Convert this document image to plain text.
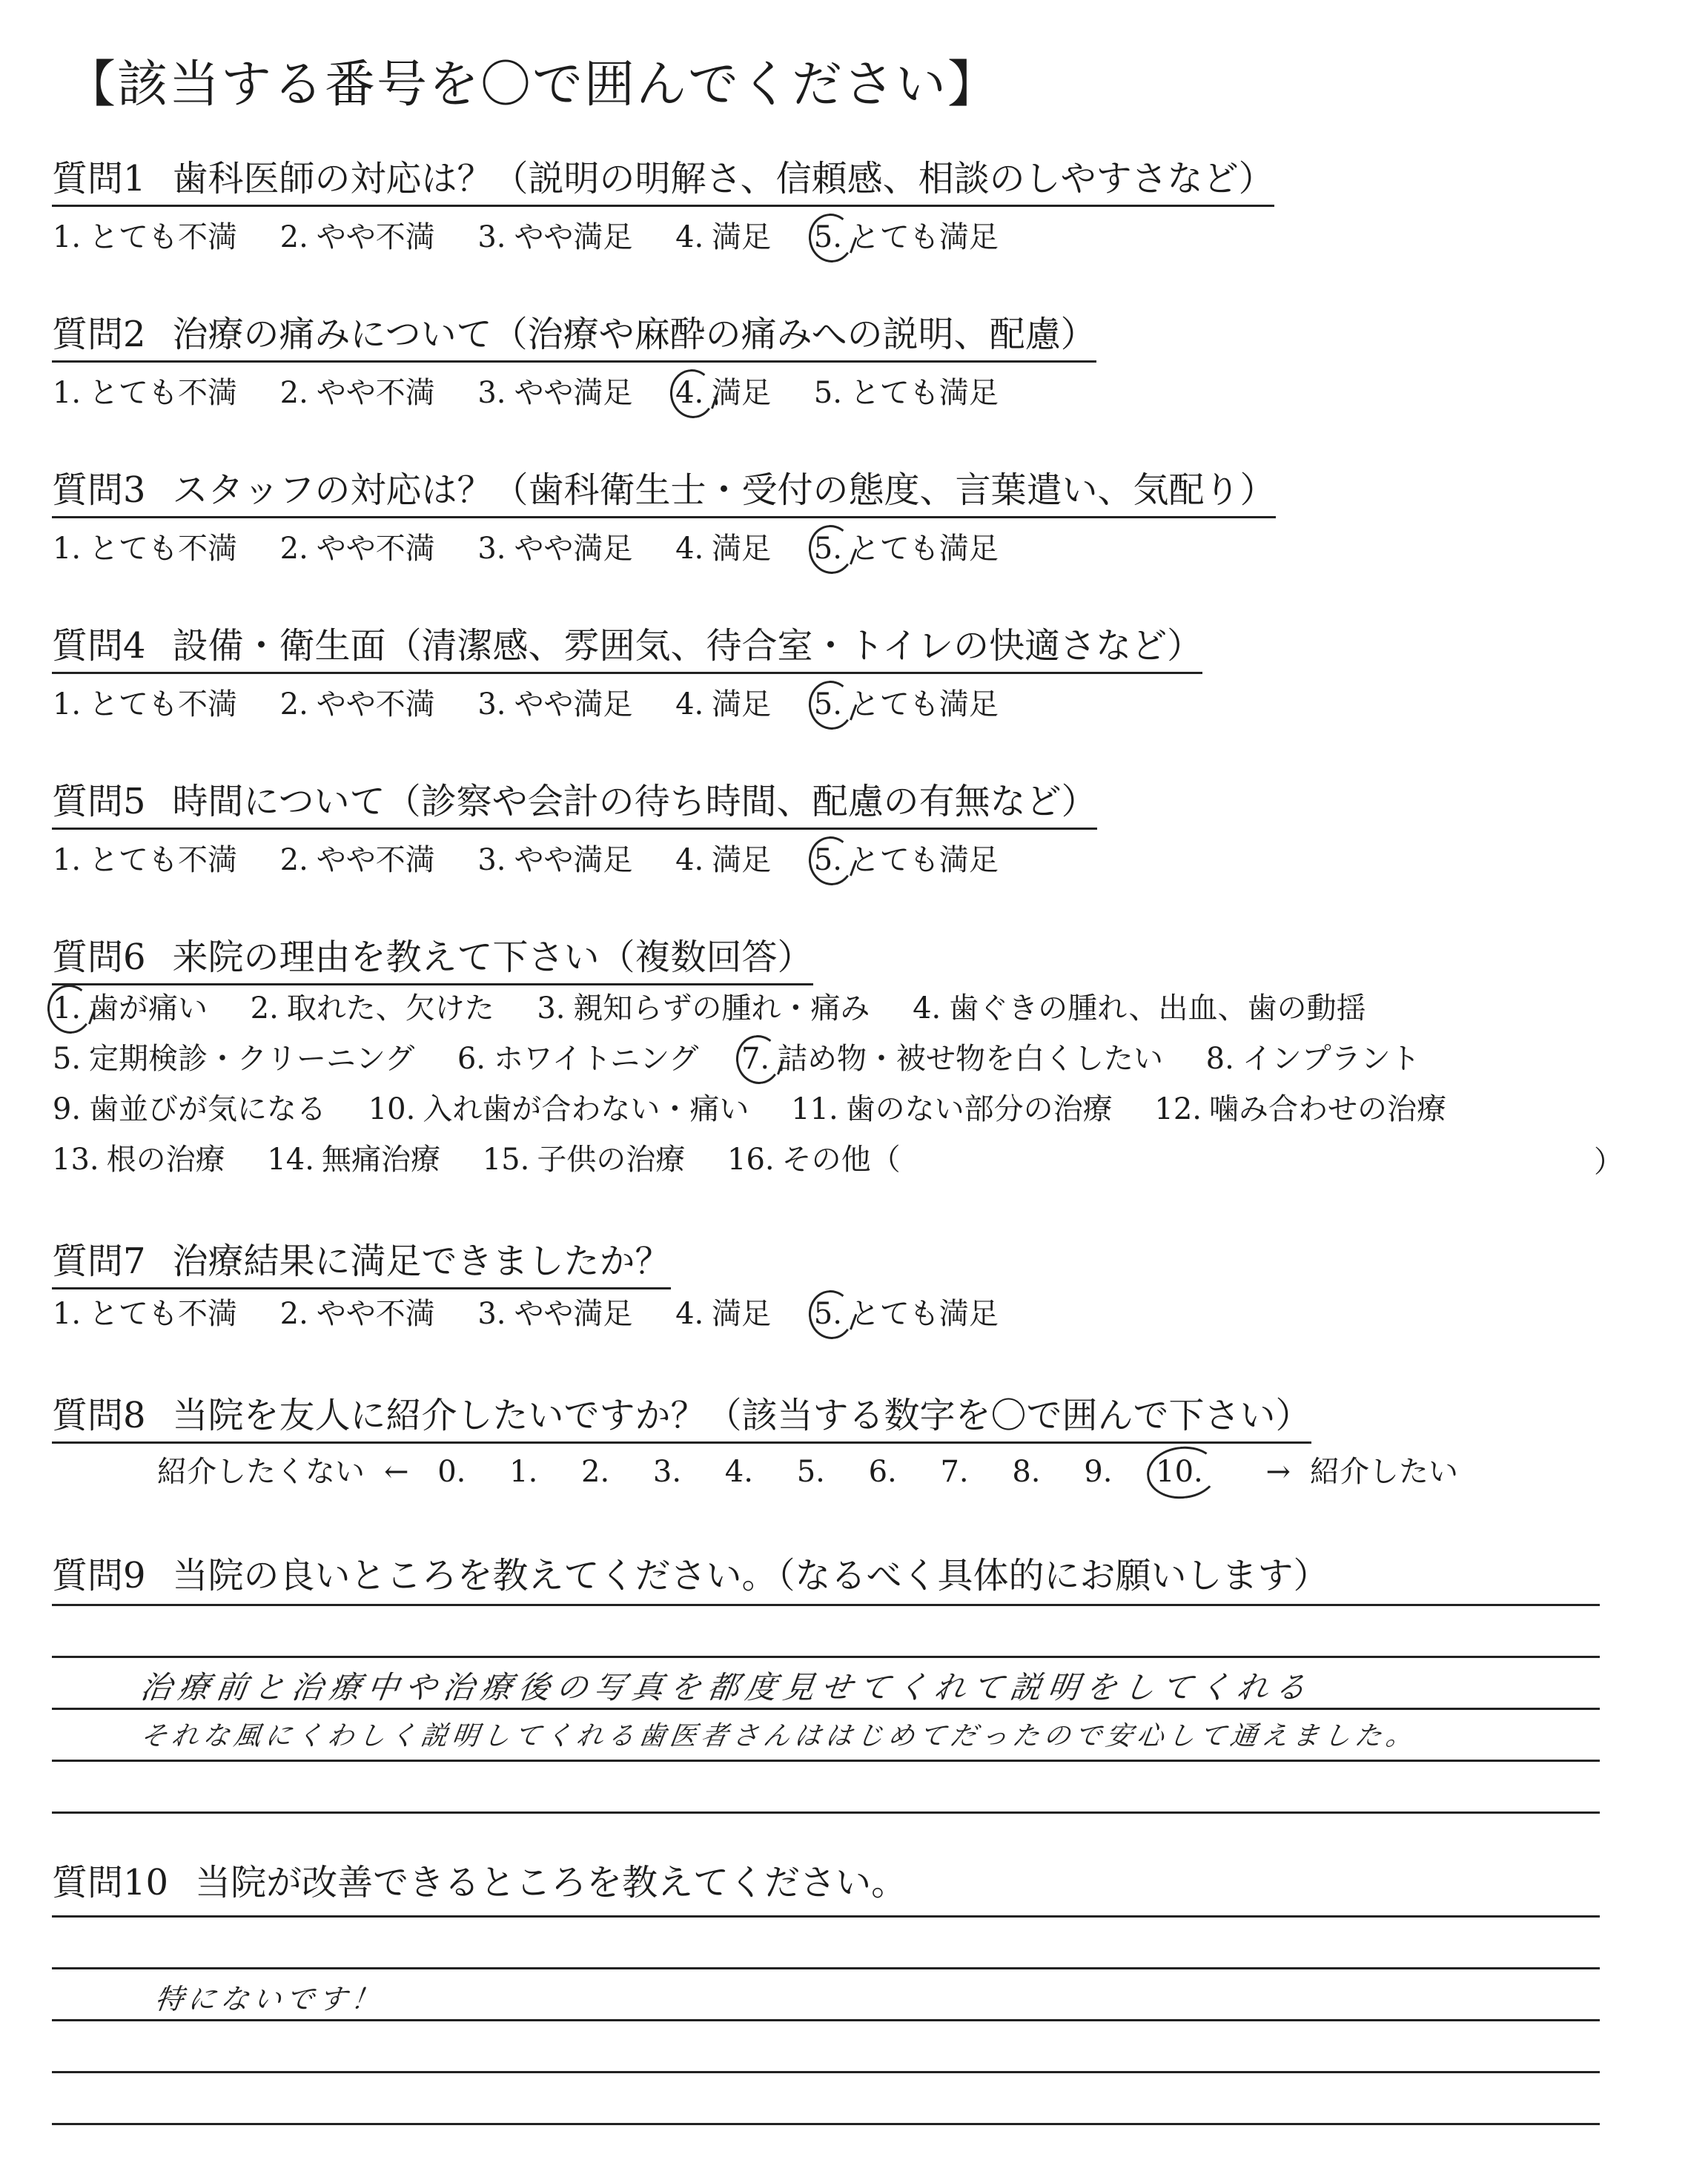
【該当する番号を〇で囲んでください】
質問1 歯科医師の対応は？（説明の明解さ、信頼感、相談のしやすさなど）
1. とても不満 2. やや不満 3. やや満足 4. 満足 5. とても満足
質問2 治療の痛みについて（治療や麻酔の痛みへの説明、配慮）
1. とても不満 2. やや不満 3. やや満足 4. 満足 5. とても満足
質問3 スタッフの対応は？（歯科衛生士・受付の態度、言葉遣い、気配り）
1. とても不満 2. やや不満 3. やや満足 4. 満足 5. とても満足
質問4 設備・衛生面（清潔感、雰囲気、待合室・トイレの快適さなど）
1. とても不満 2. やや不満 3. やや満足 4. 満足 5. とても満足
質問5 時間について（診察や会計の待ち時間、配慮の有無など）
1. とても不満 2. やや不満 3. やや満足 4. 満足 5. とても満足
質問6 来院の理由を教えて下さい（複数回答）
1. 歯が痛い 2. 取れた、欠けた 3. 親知らずの腫れ・痛み 4. 歯ぐきの腫れ、出血、歯の動揺
5. 定期検診・クリーニング 6. ホワイトニング 7. 詰め物・被せ物を白くしたい 8. インプラント
9. 歯並びが気になる 10. 入れ歯が合わない・痛い 11. 歯のない部分の治療 12. 噛み合わせの治療
13. 根の治療 14. 無痛治療 15. 子供の治療 16. その他（	）
質問7 治療結果に満足できましたか？
1. とても不満 2. やや不満 3. やや満足 4. 満足 5. とても満足
質問8 当院を友人に紹介したいですか？（該当する数字を〇で囲んで下さい）
紹介したくない ← 0. 1. 2. 3. 4. 5. 6. 7. 8. 9. 10. → 紹介したい
質問9 当院の良いところを教えてください。（なるべく具体的にお願いします）
治療前と治療中や治療後の写真を都度見せてくれて説明をしてくれる
それな風にくわしく説明してくれる歯医者さんははじめてだったので安心して通えました。
質問10 当院が改善できるところを教えてください。
特にないです！
